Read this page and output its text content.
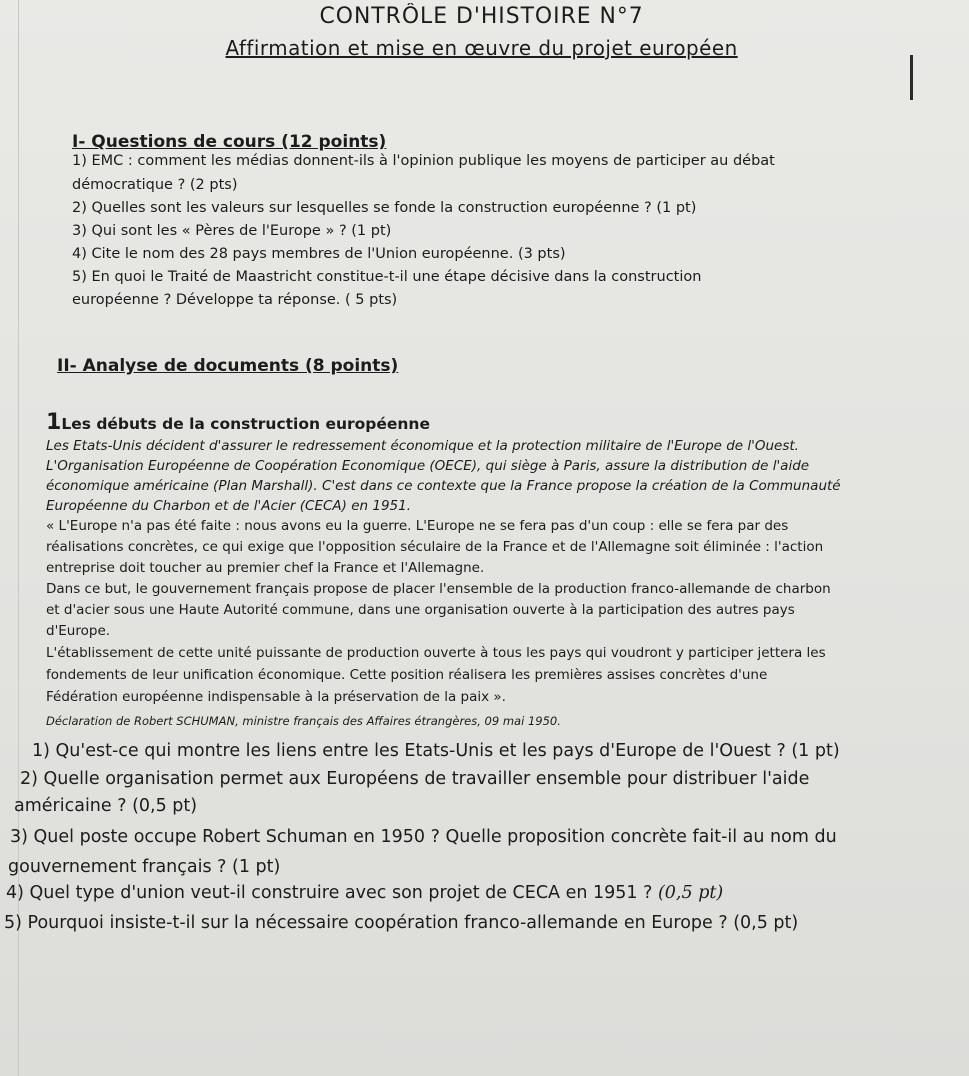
CONTRÔLE D'HISTOIRE N°7
Affirmation et mise en œuvre du projet européen
I- Questions de cours (12 points)
1) EMC : comment les médias donnent-ils à l'opinion publique les moyens de participer au débat
démocratique ? (2 pts)
2) Quelles sont les valeurs sur lesquelles se fonde la construction européenne ? (1 pt)
3) Qui sont les « Pères de l'Europe » ? (1 pt)
4) Cite le nom des 28 pays membres de l'Union européenne. (3 pts)
5) En quoi le Traité de Maastricht constitue-t-il une étape décisive dans la construction
européenne ? Développe ta réponse. ( 5 pts)
II- Analyse de documents (8 points)
1Les débuts de la construction européenne
Les Etats-Unis décident d'assurer le redressement économique et la protection militaire de l'Europe de l'Ouest.
L'Organisation Européenne de Coopération Economique (OECE), qui siège à Paris, assure la distribution de l'aide
économique américaine (Plan Marshall). C'est dans ce contexte que la France propose la création de la Communauté
Européenne du Charbon et de l'Acier (CECA) en 1951.
« L'Europe n'a pas été faite : nous avons eu la guerre. L'Europe ne se fera pas d'un coup : elle se fera par des
réalisations concrètes, ce qui exige que l'opposition séculaire de la France et de l'Allemagne soit éliminée : l'action
entreprise doit toucher au premier chef la France et l'Allemagne.
Dans ce but, le gouvernement français propose de placer l'ensemble de la production franco-allemande de charbon
et d'acier sous une Haute Autorité commune, dans une organisation ouverte à la participation des autres pays
d'Europe.
L'établissement de cette unité puissante de production ouverte à tous les pays qui voudront y participer jettera les
fondements de leur unification économique. Cette position réalisera les premières assises concrètes d'une
Fédération européenne indispensable à la préservation de la paix ».
Déclaration de Robert SCHUMAN, ministre français des Affaires étrangères, 09 mai 1950.
1) Qu'est-ce qui montre les liens entre les Etats-Unis et les pays d'Europe de l'Ouest ? (1 pt)
2) Quelle organisation permet aux Européens de travailler ensemble pour distribuer l'aide
américaine ? (0,5 pt)
3) Quel poste occupe Robert Schuman en 1950 ? Quelle proposition concrète fait-il au nom du
gouvernement français ? (1 pt)
4) Quel type d'union veut-il construire avec son projet de CECA en 1951 ? (0,5 pt)
5) Pourquoi insiste-t-il sur la nécessaire coopération franco-allemande en Europe ? (0,5 pt)
